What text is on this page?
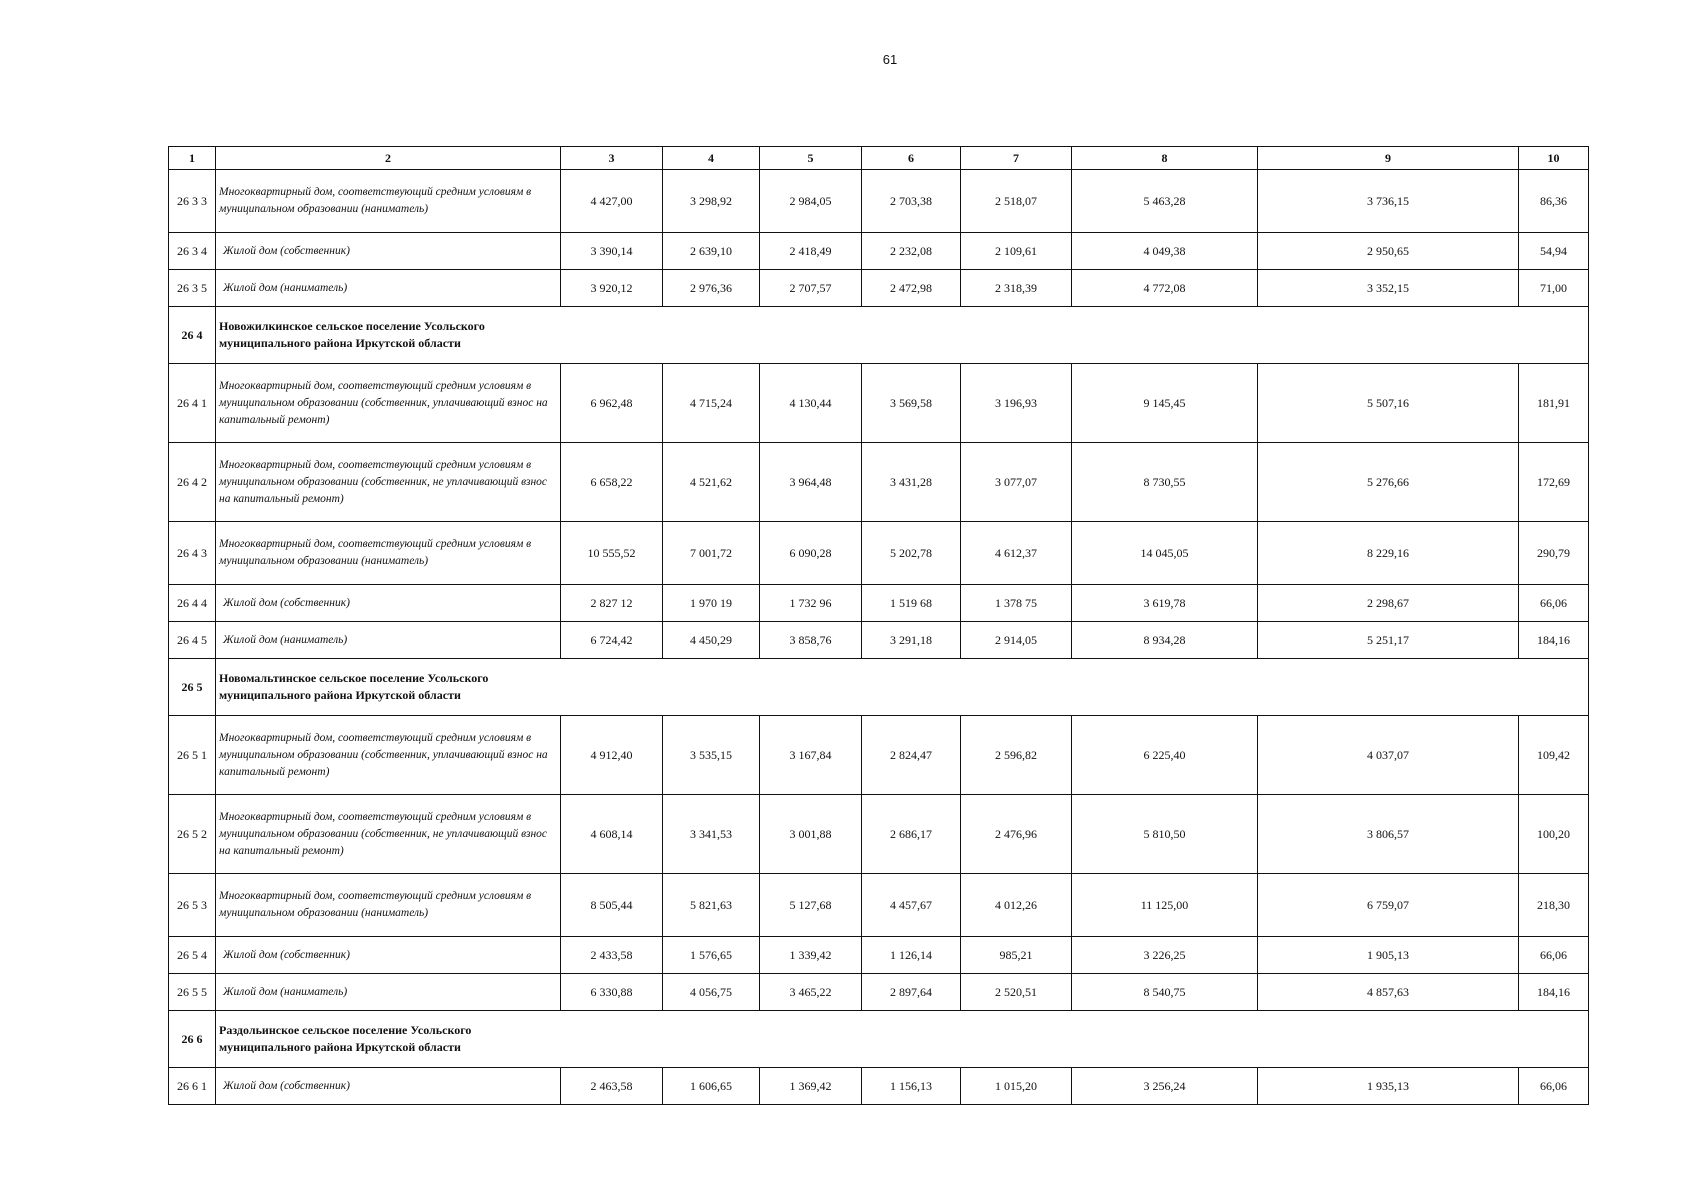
61
1	2	3	4	5	6	7	8	9	10
26 3 3	Многоквартирный дом, соответствующий средним условиям в муниципальном образовании (наниматель)	4 427,00	3 298,92	2 984,05	2 703,38	2 518,07	5 463,28	3 736,15	86,36
26 3 4	Жилой дом (собственник)	3 390,14	2 639,10	2 418,49	2 232,08	2 109,61	4 049,38	2 950,65	54,94
26 3 5	Жилой дом (наниматель)	3 920,12	2 976,36	2 707,57	2 472,98	2 318,39	4 772,08	3 352,15	71,00
26 4	Новожилкинское сельское поселение Усольского муниципального района Иркутской области								
26 4 1	Многоквартирный дом, соответствующий средним условиям в муниципальном образовании (собственник, уплачивающий взнос на капитальный ремонт)	6 962,48	4 715,24	4 130,44	3 569,58	3 196,93	9 145,45	5 507,16	181,91
26 4 2	Многоквартирный дом, соответствующий средним условиям в муниципальном образовании (собственник, не уплачивающий взнос на капитальный ремонт)	6 658,22	4 521,62	3 964,48	3 431,28	3 077,07	8 730,55	5 276,66	172,69
26 4 3	Многоквартирный дом, соответствующий средним условиям в муниципальном образовании (наниматель)	10 555,52	7 001,72	6 090,28	5 202,78	4 612,37	14 045,05	8 229,16	290,79
26 4 4	Жилой дом (собственник)	2 827 12	1 970 19	1 732 96	1 519 68	1 378 75	3 619,78	2 298,67	66,06
26 4 5	Жилой дом (наниматель)	6 724,42	4 450,29	3 858,76	3 291,18	2 914,05	8 934,28	5 251,17	184,16
26 5	Новомальтинское сельское поселение Усольского муниципального района Иркутской области								
26 5 1	Многоквартирный дом, соответствующий средним условиям в муниципальном образовании (собственник, уплачивающий взнос на капитальный ремонт)	4 912,40	3 535,15	3 167,84	2 824,47	2 596,82	6 225,40	4 037,07	109,42
26 5 2	Многоквартирный дом, соответствующий средним условиям в муниципальном образовании (собственник, не уплачивающий взнос на капитальный ремонт)	4 608,14	3 341,53	3 001,88	2 686,17	2 476,96	5 810,50	3 806,57	100,20
26 5 3	Многоквартирный дом, соответствующий средним условиям в муниципальном образовании (наниматель)	8 505,44	5 821,63	5 127,68	4 457,67	4 012,26	11 125,00	6 759,07	218,30
26 5 4	Жилой дом (собственник)	2 433,58	1 576,65	1 339,42	1 126,14	985,21	3 226,25	1 905,13	66,06
26 5 5	Жилой дом (наниматель)	6 330,88	4 056,75	3 465,22	2 897,64	2 520,51	8 540,75	4 857,63	184,16
26 6	Раздольинское сельское поселение Усольского муниципального района Иркутской области								
26 6 1	Жилой дом (собственник)	2 463,58	1 606,65	1 369,42	1 156,13	1 015,20	3 256,24	1 935,13	66,06
